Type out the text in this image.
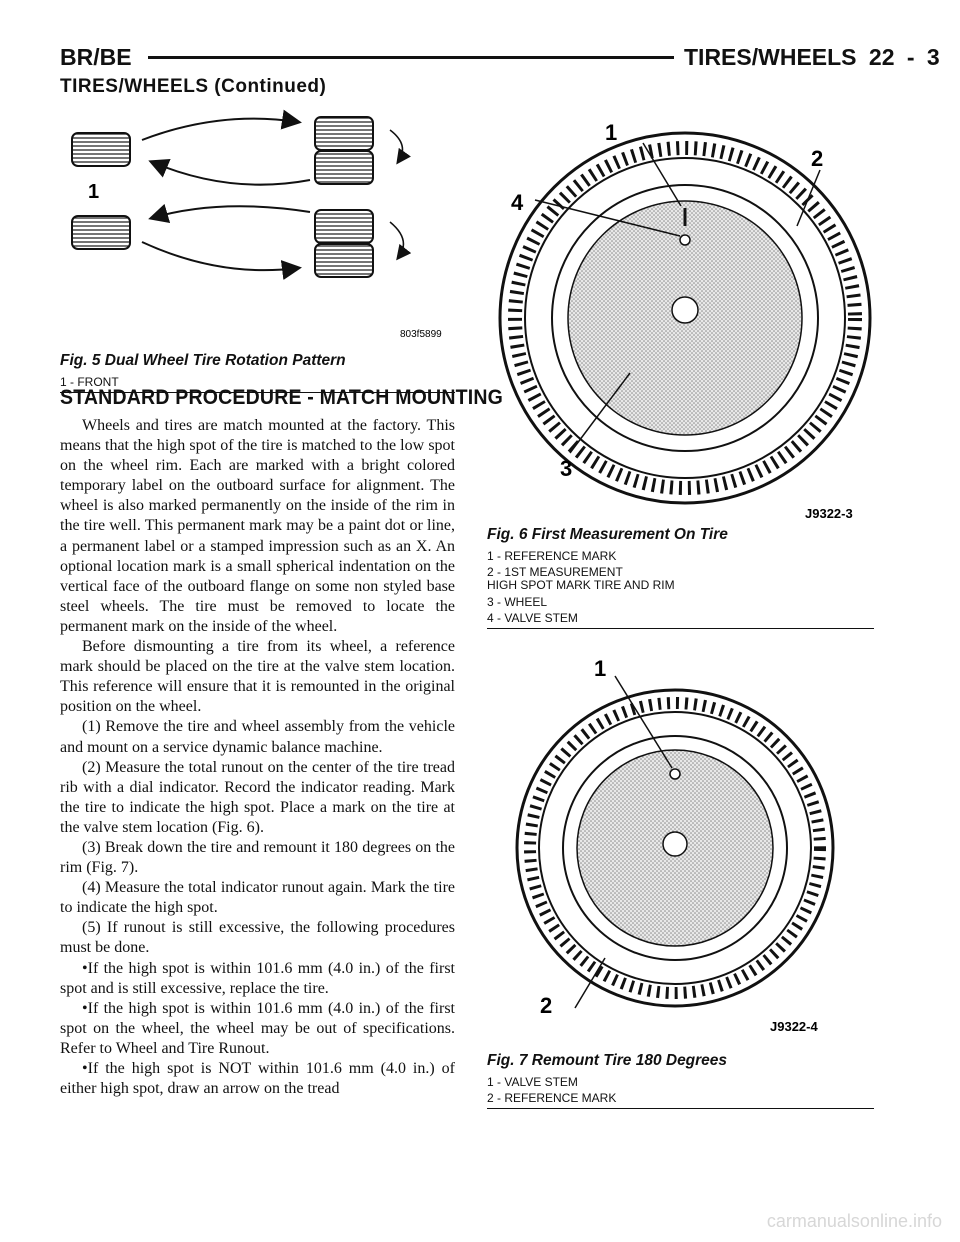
BR/BE	TIRES/WHEELS 22 - 3
TIRES/WHEELS (Continued)
1
803f5899
Fig. 5 Dual Wheel Tire Rotation Pattern
1 - FRONT
1
2
3
4
J9322-3
Fig. 6 First Measurement On Tire
1 - REFERENCE MARK
2 - 1ST MEASUREMENT
HIGH SPOT MARK TIRE AND RIM
3 - WHEEL
4 - VALVE STEM
1
2
J9322-4
Fig. 7 Remount Tire 180 Degrees
1 - VALVE STEM
2 - REFERENCE MARK
STANDARD PROCEDURE - MATCH MOUNTING

Wheels and tires are match mounted at the factory. This means that the high spot of the tire is matched to the low spot on the wheel rim. Each are marked with a bright colored temporary label on the outboard surface for alignment. The wheel is also marked permanently on the inside of the rim in the tire well. This permanent mark may be a paint dot or line, a permanent label or a stamped impression such as an X. An optional location mark is a small spherical indentation on the vertical face of the outboard flange on some non styled base steel wheels. The tire must be removed to locate the permanent mark on the inside of the wheel.

Before dismounting a tire from its wheel, a reference mark should be placed on the tire at the valve stem location. This reference will ensure that it is remounted in the original position on the wheel.

(1) Remove the tire and wheel assembly from the vehicle and mount on a service dynamic balance machine.

(2) Measure the total runout on the center of the tire tread rib with a dial indicator. Record the indicator reading. Mark the tire to indicate the high spot. Place a mark on the tire at the valve stem location (Fig. 6).

(3) Break down the tire and remount it 180 degrees on the rim (Fig. 7).

(4) Measure the total indicator runout again. Mark the tire to indicate the high spot.

(5) If runout is still excessive, the following procedures must be done.

•If the high spot is within 101.6 mm (4.0 in.) of the first spot and is still excessive, replace the tire.

•If the high spot is within 101.6 mm (4.0 in.) of the first spot on the wheel, the wheel may be out of specifications. Refer to Wheel and Tire Runout.

•If the high spot is NOT within 101.6 mm (4.0 in.) of either high spot, draw an arrow on the tread

carmanualsonline.info
